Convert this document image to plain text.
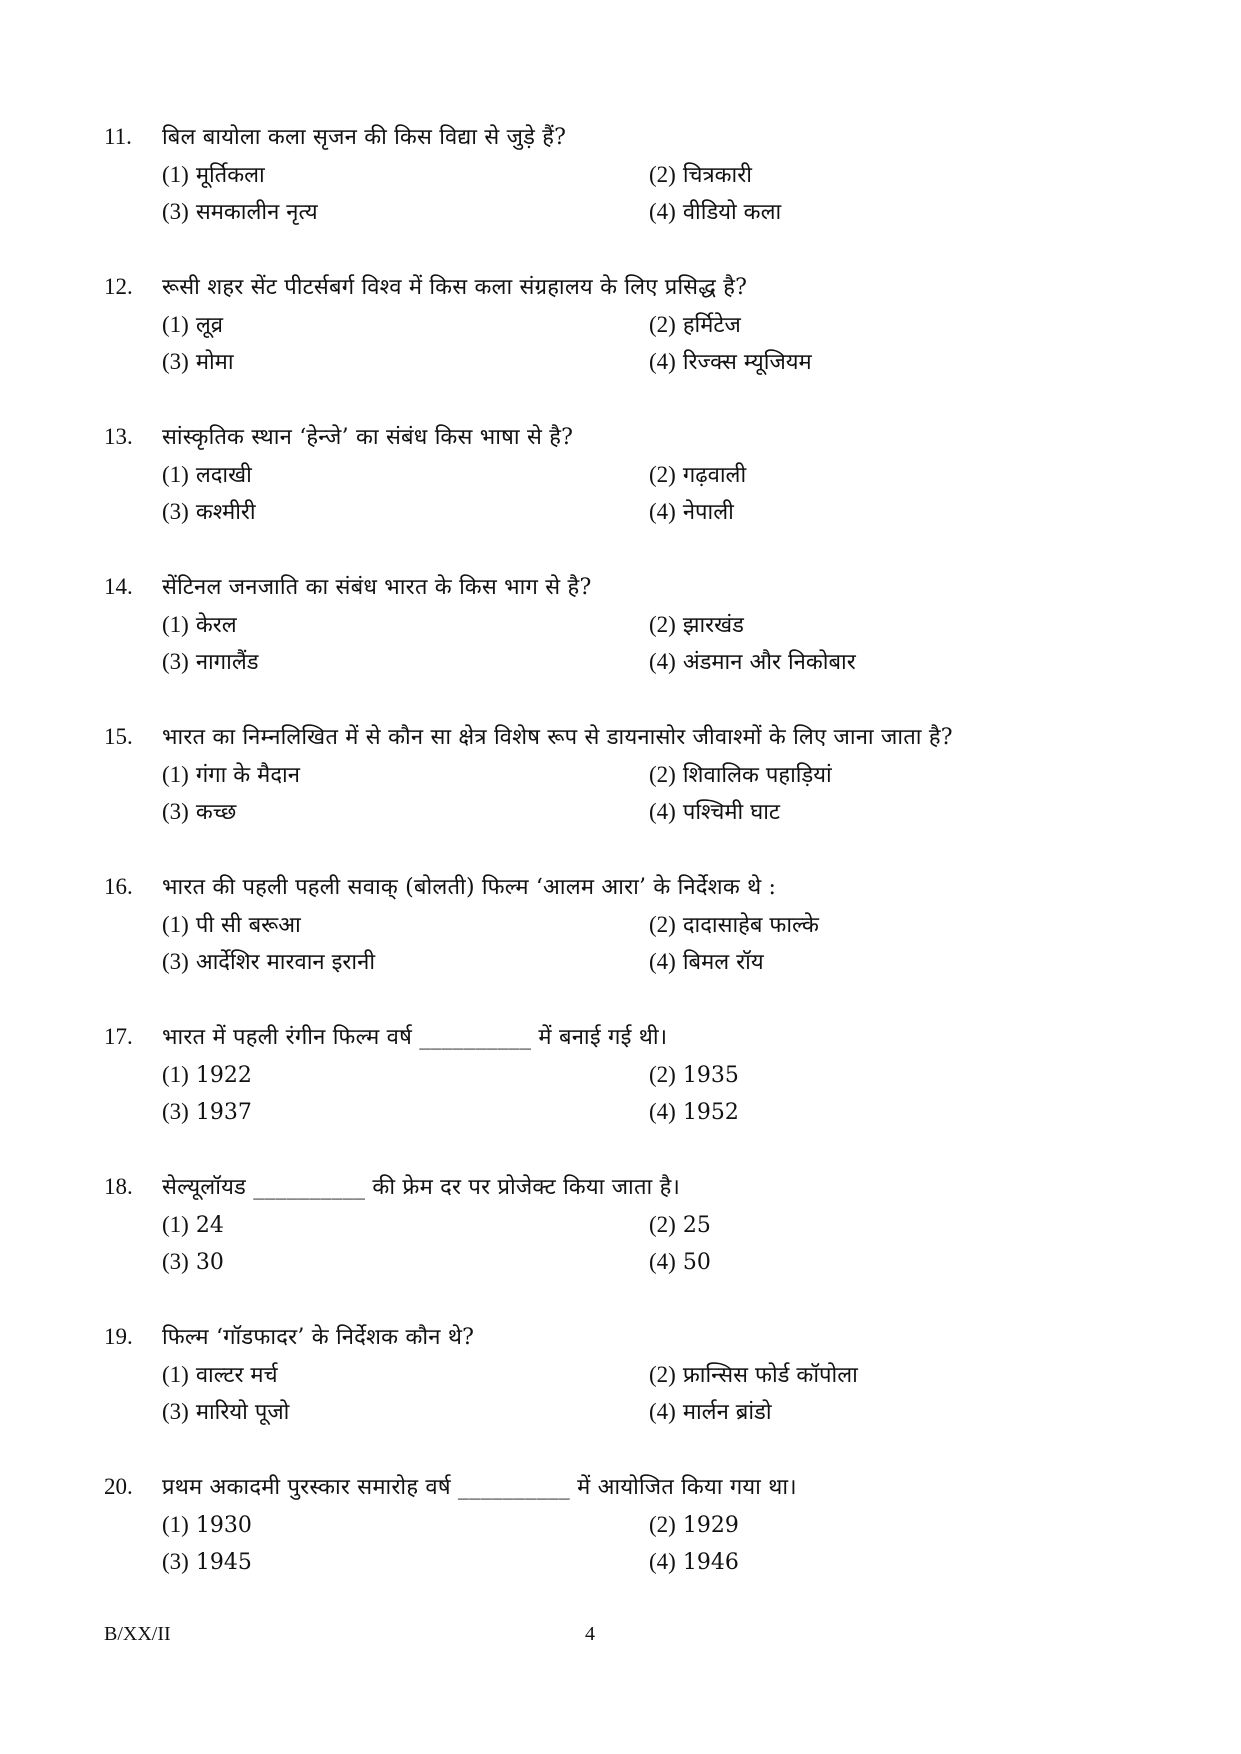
11.	बिल बायोला कला सृजन की किस विद्या से जुड़े हैं?
(1) मूर्तिकला	(2) चित्रकारी
(3) समकालीन नृत्य	(4) वीडियो कला
12.	रूसी शहर सेंट पीटर्सबर्ग विश्व में किस कला संग्रहालय के लिए प्रसिद्ध है?
(1) लूव्र	(2) हर्मिटेज
(3) मोमा	(4) रिज्क्स म्यूजियम
13.	सांस्कृतिक स्थान ‘हेन्जे’ का संबंध किस भाषा से है?
(1) लदाखी	(2) गढ़वाली
(3) कश्मीरी	(4) नेपाली
14.	सेंटिनल जनजाति का संबंध भारत के किस भाग से है?
(1) केरल	(2) झारखंड
(3) नागालैंड	(4) अंडमान और निकोबार
15.	भारत का निम्नलिखित में से कौन सा क्षेत्र विशेष रूप से डायनासोर जीवाश्मों के लिए जाना जाता है?
(1) गंगा के मैदान	(2) शिवालिक पहाड़ियां
(3) कच्छ	(4) पश्चिमी घाट
16.	भारत की पहली पहली सवाक् (बोलती) फिल्म ‘आलम आरा’ के निर्देशक थे :
(1) पी सी बरूआ	(2) दादासाहेब फाल्के
(3) आर्देशिर मारवान इरानी	(4) बिमल रॉय
17.	भारत में पहली रंगीन फिल्म वर्ष __________ में बनाई गई थी।
(1) 1922	(2) 1935
(3) 1937	(4) 1952
18.	सेल्यूलॉयड __________ की फ्रेम दर पर प्रोजेक्ट किया जाता है।
(1) 24	(2) 25
(3) 30	(4) 50
19.	फिल्म ‘गॉडफादर’ के निर्देशक कौन थे?
(1) वाल्टर मर्च	(2) फ्रान्सिस फोर्ड कॉपोला
(3) मारियो पूजो	(4) मार्लन ब्रांडो
20.	प्रथम अकादमी पुरस्कार समारोह वर्ष __________ में आयोजित किया गया था।
(1) 1930	(2) 1929
(3) 1945	(4) 1946
B/XX/II	4
